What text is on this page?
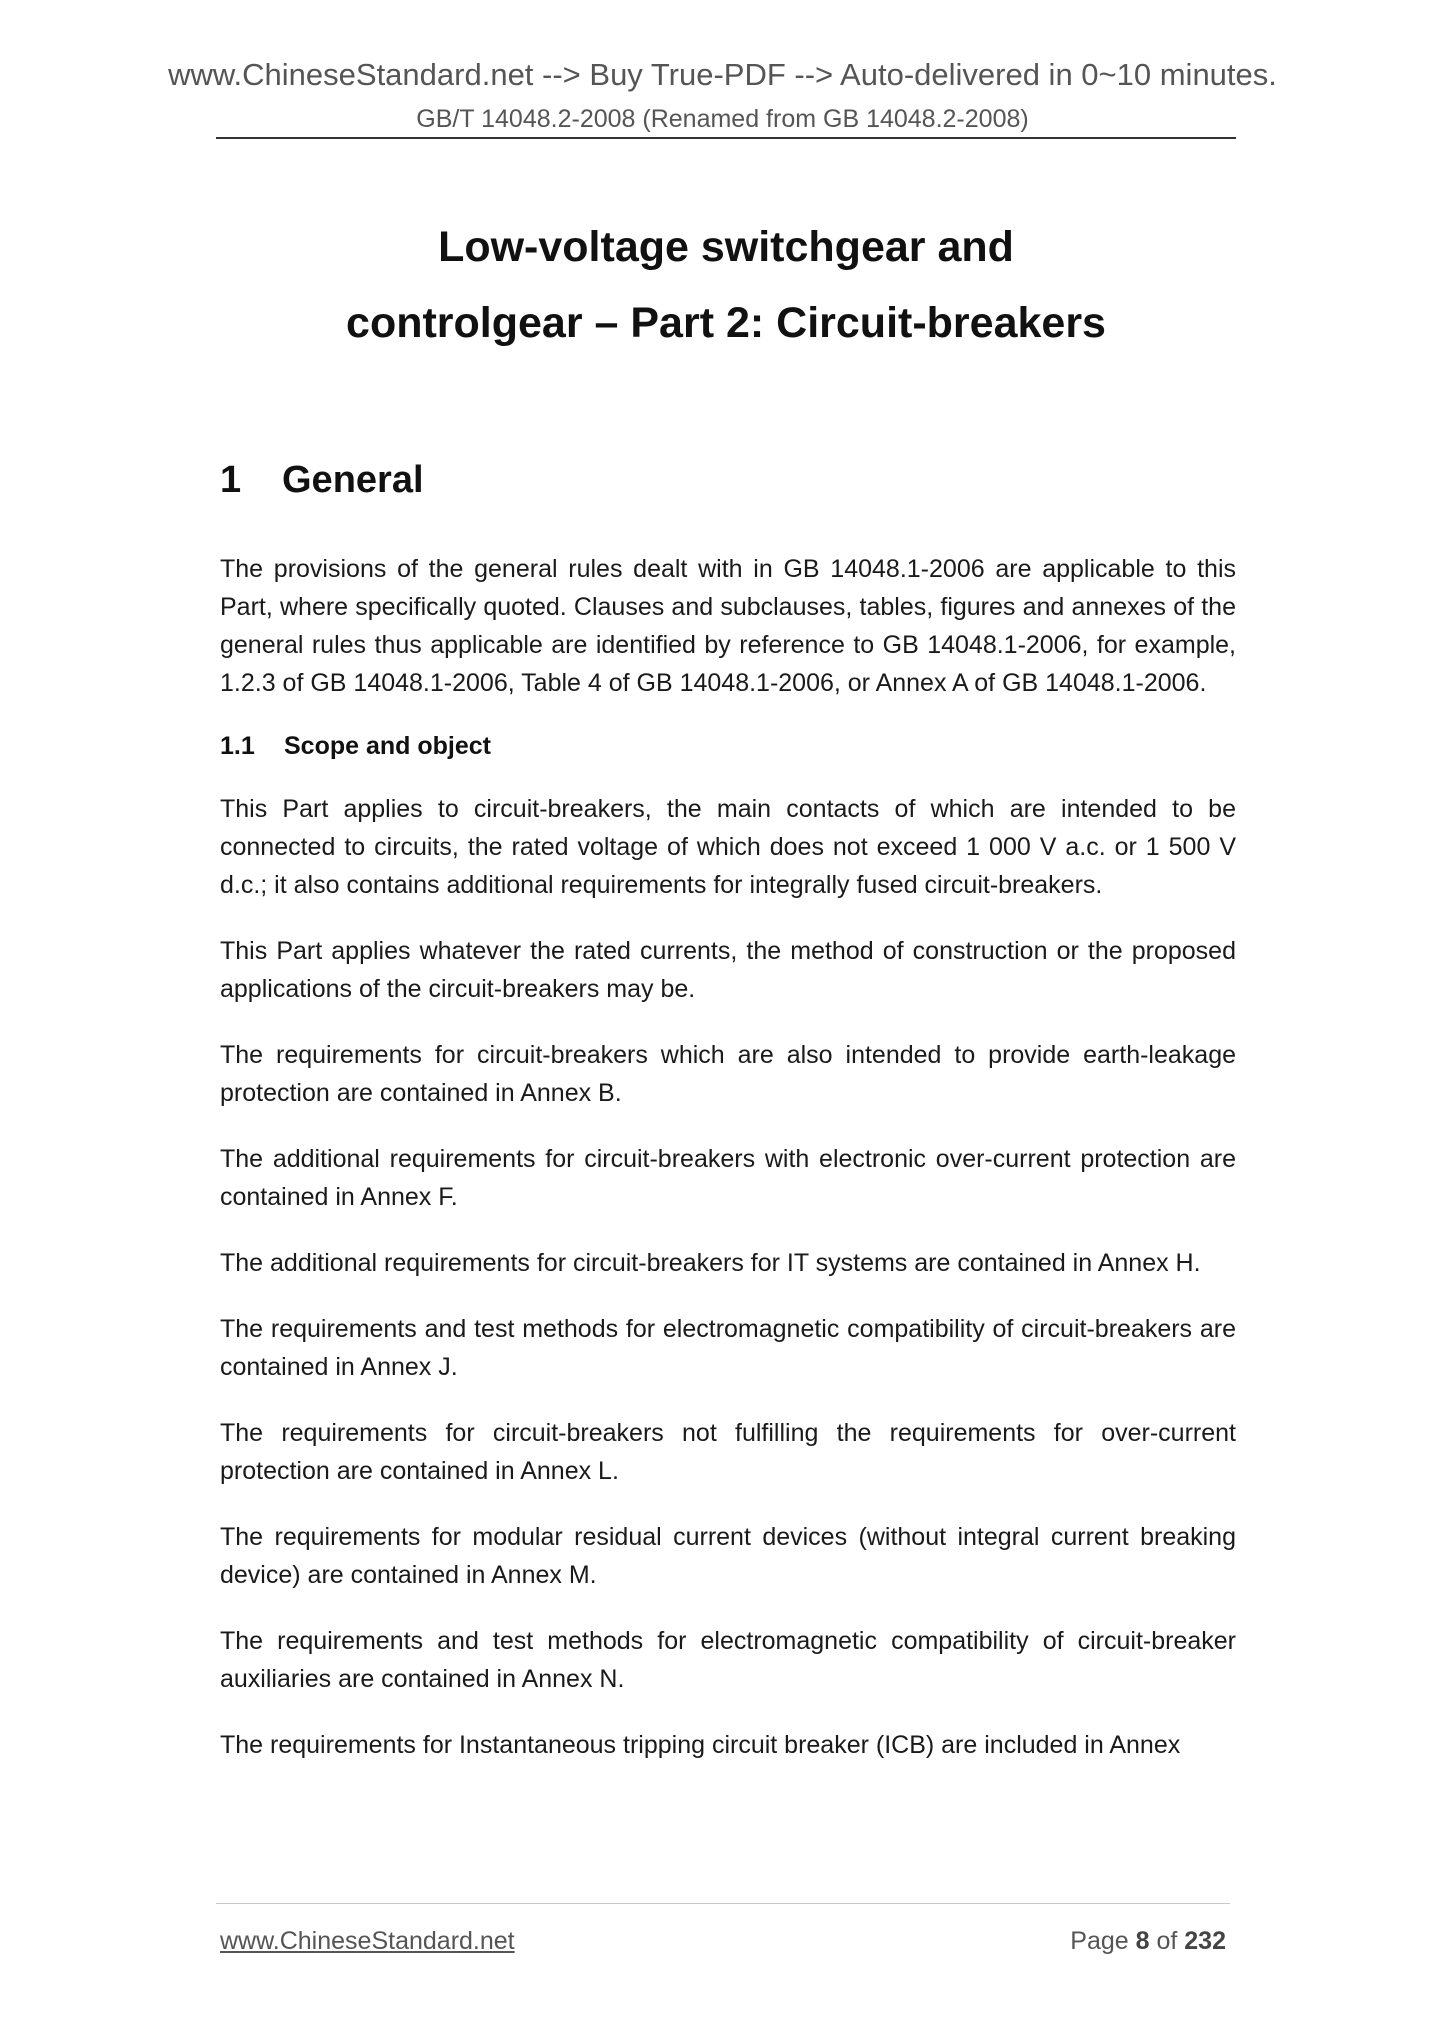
www.ChineseStandard.net --> Buy True-PDF --> Auto-delivered in 0~10 minutes.
GB/T 14048.2-2008 (Renamed from GB 14048.2-2008)
Low-voltage switchgear and
controlgear – Part 2: Circuit-breakers
1 General

The provisions of the general rules dealt with in GB 14048.1-2006 are applicable to this Part, where specifically quoted. Clauses and subclauses, tables, figures and annexes of the general rules thus applicable are identified by reference to GB 14048.1-2006, for example, 1.2.3 of GB 14048.1-2006, Table 4 of GB 14048.1-2006, or Annex A of GB 14048.1-2006.

1.1 Scope and object

This Part applies to circuit-breakers, the main contacts of which are intended to be connected to circuits, the rated voltage of which does not exceed 1 000 V a.c. or 1 500 V d.c.; it also contains additional requirements for integrally fused circuit-breakers.

This Part applies whatever the rated currents, the method of construction or the proposed applications of the circuit-breakers may be.

The requirements for circuit-breakers which are also intended to provide earth-leakage protection are contained in Annex B.

The additional requirements for circuit-breakers with electronic over-current protection are contained in Annex F.

The additional requirements for circuit-breakers for IT systems are contained in Annex H.

The requirements and test methods for electromagnetic compatibility of circuit-breakers are contained in Annex J.

The requirements for circuit-breakers not fulfilling the requirements for over-current protection are contained in Annex L.

The requirements for modular residual current devices (without integral current breaking device) are contained in Annex M.

The requirements and test methods for electromagnetic compatibility of circuit-breaker auxiliaries are contained in Annex N.

The requirements for Instantaneous tripping circuit breaker (ICB) are included in Annex

www.ChineseStandard.net	Page 8 of 232
